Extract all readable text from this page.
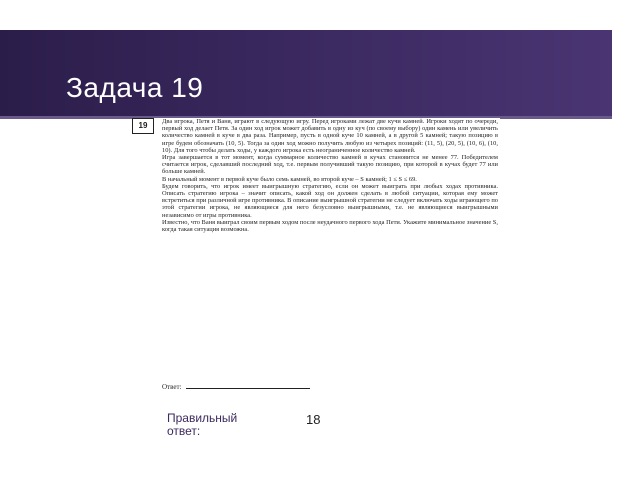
Задача 19
19	Два игрока, Петя и Ваня, играют в следующую игру. Перед игроками лежат две кучи камней. Игроки ходят по очереди, первый ход делает Петя. За один ход игрок может добавить в одну из куч (по своему выбору) один камень или увеличить количество камней в куче в два раза. Например, пусть в одной куче 10 камней, а в другой 5 камней; такую позицию в игре будем обозначать (10, 5). Тогда за один ход можно получить любую из четырех позиций: (11, 5), (20, 5), (10, 6), (10, 10). Для того чтобы делать ходы, у каждого игрока есть неограниченное количество камней.

Игра завершается в тот момент, когда суммарное количество камней в кучах становится не менее 77. Победителем считается игрок, сделавший последний ход, т.е. первым получивший такую позицию, при которой в кучах будет 77 или больше камней.

В начальный момент в первой куче было семь камней, во второй куче – S камней; 1 ≤ S ≤ 69.

Будем говорить, что игрок имеет выигрышную стратегию, если он может выиграть при любых ходах противника. Описать стратегию игрока – значит описать, какой ход он должен сделать в любой ситуации, которая ему может встретиться при различной игре противника. В описание выигрышной стратегии не следует включать ходы играющего по этой стратегии игрока, не являющиеся для него безусловно выигрышными, т.е. не являющиеся выигрышными независимо от игры противника.

Известно, что Ваня выиграл своим первым ходом после неудачного первого хода Пети. Укажите минимальное значение S, когда такая ситуация возможна.

Ответ:
Правильный ответ:
18
